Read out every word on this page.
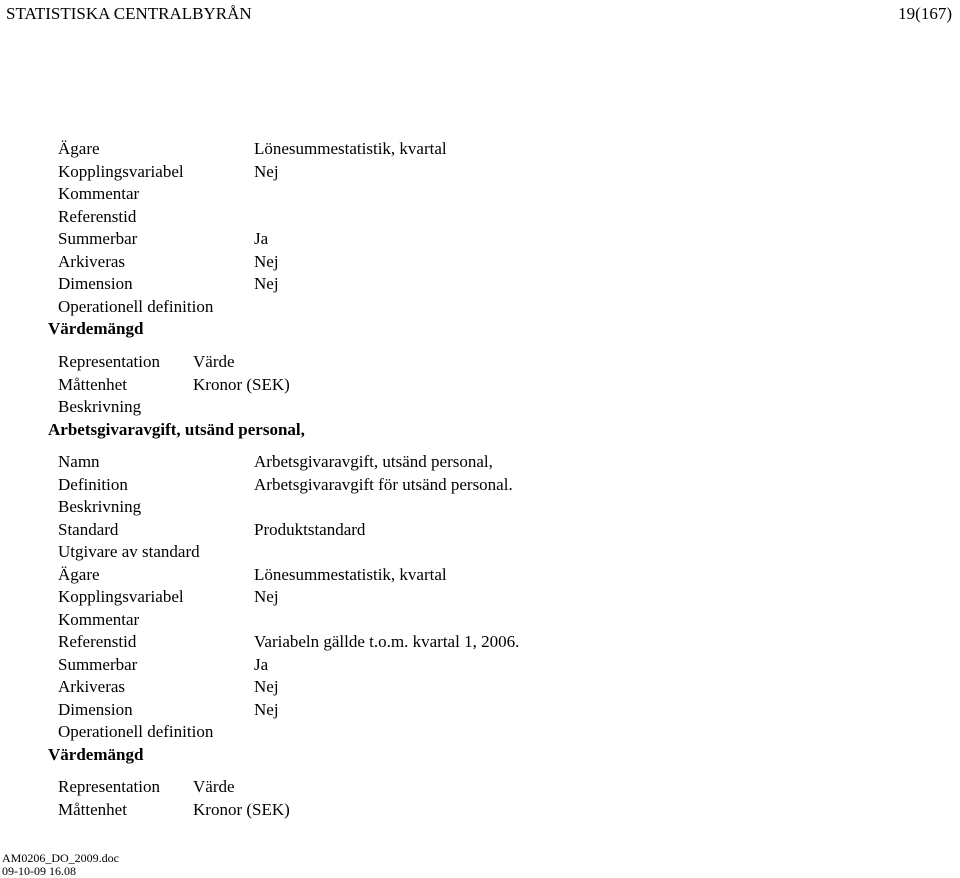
STATISTISKA CENTRALBYRÅN	19(167)
Ägare	Lönesummestatistik, kvartal
Kopplingsvariabel	Nej
Kommentar
Referenstid
Summerbar	Ja
Arkiveras	Nej
Dimension	Nej
Operationell definition
Värdemängd
Representation Värde
Måttenhet	Kronor (SEK)
Beskrivning
Arbetsgivaravgift, utsänd personal,
Namn	Arbetsgivaravgift, utsänd personal,
Definition	Arbetsgivaravgift för utsänd personal.
Beskrivning
Standard	Produktstandard
Utgivare av standard
Ägare	Lönesummestatistik, kvartal
Kopplingsvariabel	Nej
Kommentar
Referenstid	Variabeln gällde t.o.m. kvartal 1, 2006.
Summerbar	Ja
Arkiveras	Nej
Dimension	Nej
Operationell definition
Värdemängd
Representation Värde
Måttenhet	Kronor (SEK)
AM0206_DO_2009.doc
09-10-09 16.08
